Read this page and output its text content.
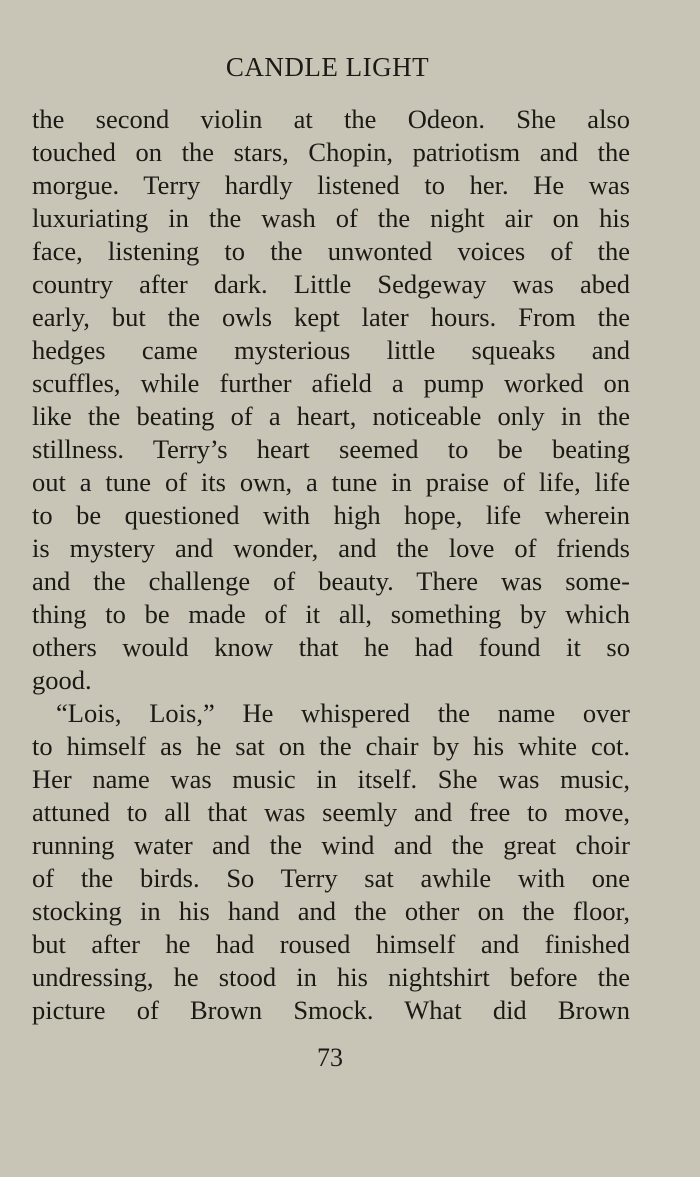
CANDLE LIGHT
the second violin at the Odeon. She also
touched on the stars, Chopin, patriotism and the
morgue. Terry hardly listened to her. He was
luxuriating in the wash of the night air on his
face, listening to the unwonted voices of the
country after dark. Little Sedgeway was abed
early, but the owls kept later hours. From the
hedges came mysterious little squeaks and
scuffles, while further afield a pump worked on
like the beating of a heart, noticeable only in the
stillness. Terry’s heart seemed to be beating
out a tune of its own, a tune in praise of life, life
to be questioned with high hope, life wherein
is mystery and wonder, and the love of friends
and the challenge of beauty. There was some-
thing to be made of it all, something by which
others would know that he had found it so
good.
“Lois, Lois,” He whispered the name over
to himself as he sat on the chair by his white cot.
Her name was music in itself. She was music,
attuned to all that was seemly and free to move,
running water and the wind and the great choir
of the birds. So Terry sat awhile with one
stocking in his hand and the other on the floor,
but after he had roused himself and finished
undressing, he stood in his nightshirt before the
picture of Brown Smock. What did Brown
73
